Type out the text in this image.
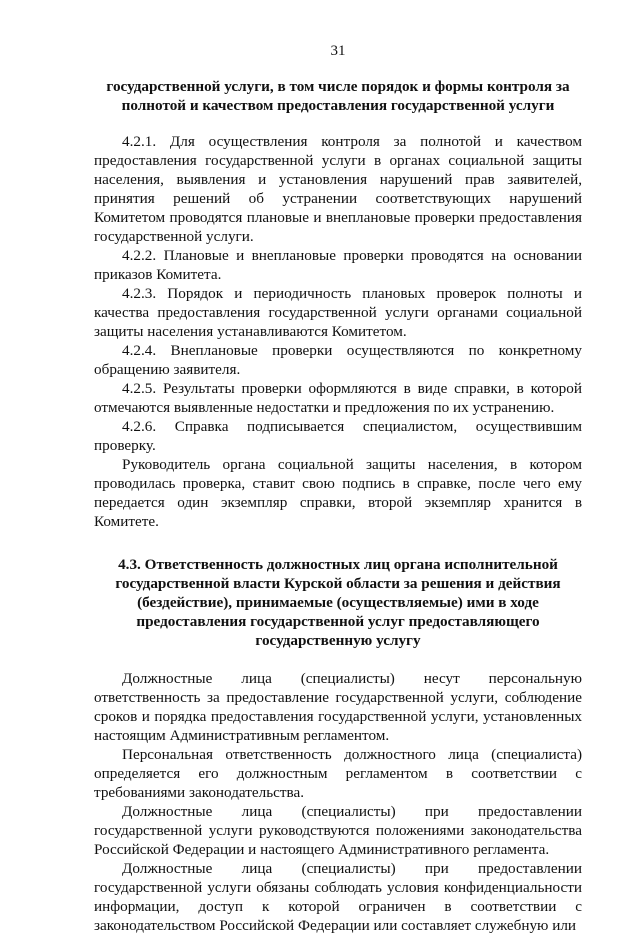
31
государственной услуги, в том числе порядок и формы контроля за полнотой и качеством предоставления государственной услуги

4.2.1. Для осуществления контроля за полнотой и качеством предоставления государственной услуги в органах социальной защиты населения, выявления и установления нарушений прав заявителей, принятия решений об устранении соответствующих нарушений Комитетом проводятся плановые и внеплановые проверки предоставления государственной услуги.

4.2.2. Плановые и внеплановые проверки проводятся на основании приказов Комитета.

4.2.3. Порядок и периодичность плановых проверок полноты и качества предоставления государственной услуги органами социальной защиты населения устанавливаются Комитетом.

4.2.4. Внеплановые проверки осуществляются по конкретному обращению заявителя.

4.2.5. Результаты проверки оформляются в виде справки, в которой отмечаются выявленные недостатки и предложения по их устранению.

4.2.6. Справка подписывается специалистом, осуществившим проверку.

Руководитель органа социальной защиты населения, в котором проводилась проверка, ставит свою подпись в справке, после чего ему передается один экземпляр справки, второй экземпляр хранится в Комитете.

4.3. Ответственность должностных лиц органа исполнительной государственной власти Курской области за решения и действия (бездействие), принимаемые (осуществляемые) ими в ходе предоставления государственной услуг предоставляющего государственную услугу

Должностные лица (специалисты) несут персональную ответственность за предоставление государственной услуги, соблюдение сроков и порядка предоставления государственной услуги, установленных настоящим Административным регламентом.

Персональная ответственность должностного лица (специалиста) определяется его должностным регламентом в соответствии с требованиями законодательства.

Должностные лица (специалисты) при предоставлении государственной услуги руководствуются положениями законодательства Российской Федерации и настоящего Административного регламента.

Должностные лица (специалисты) при предоставлении государственной услуги обязаны соблюдать условия конфиденциальности информации, доступ к которой ограничен в соответствии с законодательством Российской Федерации или составляет служебную или
